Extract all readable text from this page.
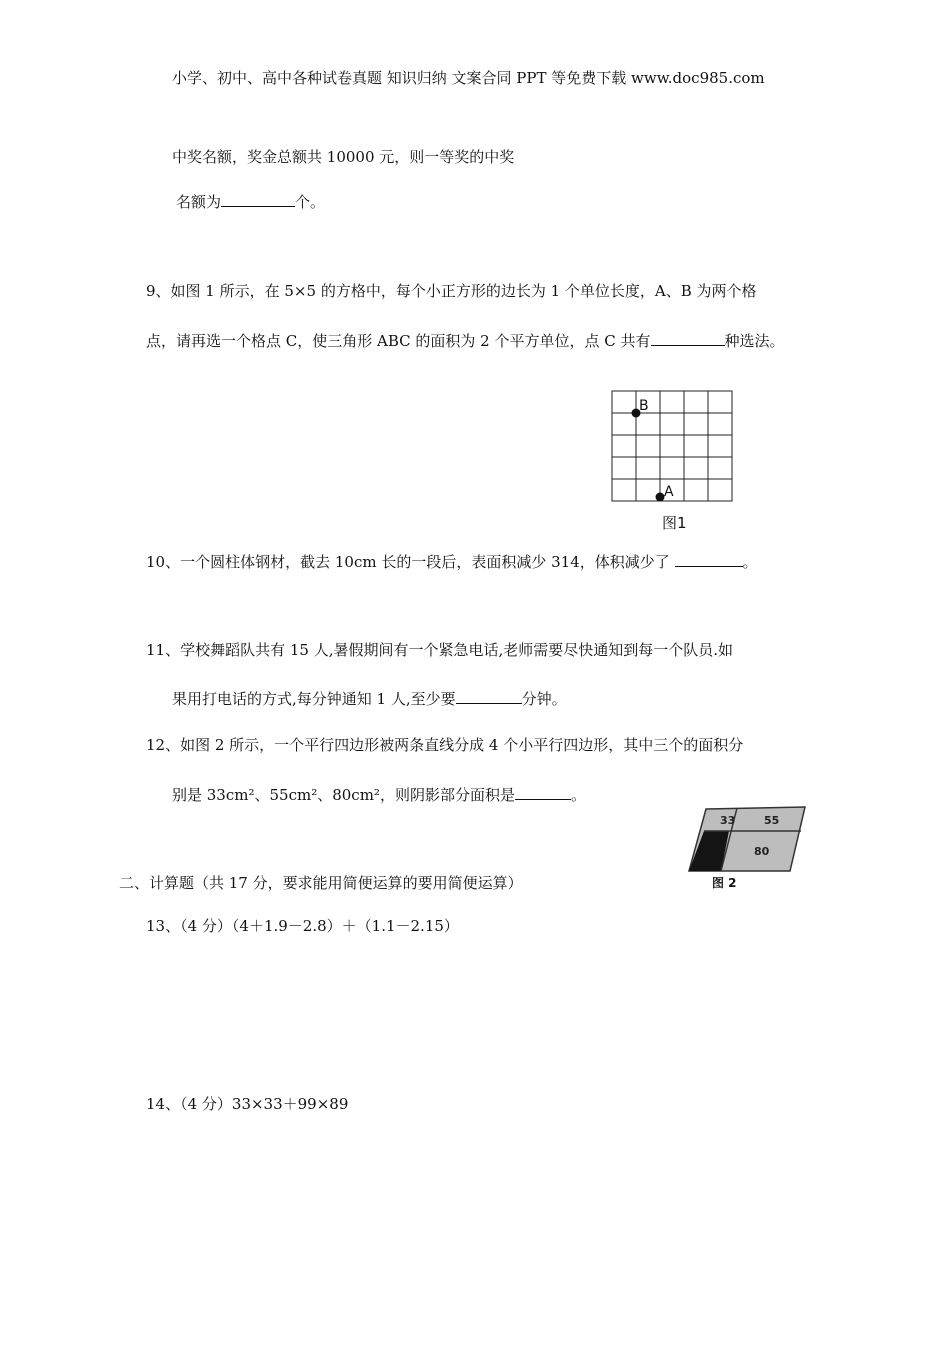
小学、初中、高中各种试卷真题 知识归纳 文案合同 PPT 等免费下载 www.doc985.com
中奖名额，奖金总额共 10000 元，则一等奖的中奖
名额为	个。
9、如图 1 所示，在 5×5 的方格中，每个小正方形的边长为 1 个单位长度，A、B 为两个格
点，请再选一个格点 C，使三角形 ABC 的面积为 2 个平方单位，点 C 共有	种选法。
B
A
图1
10、一个圆柱体钢材，截去 10cm 长的一段后，表面积减少 314，体积减少了	。
11、学校舞蹈队共有 15 人,暑假期间有一个紧急电话,老师需要尽快通知到每一个队员.如
果用打电话的方式,每分钟通知 1 人,至少要	分钟。
12、如图 2 所示，一个平行四边形被两条直线分成 4 个小平行四边形，其中三个的面积分
别是 33cm²、55cm²、80cm²，则阴影部分面积是	。
33	55
80
图 2
二、计算题（共 17 分，要求能用简便运算的要用简便运算）
13、（4 分）（4＋1.9－2.8）＋（1.1－2.15）
14、（4 分）33×33＋99×89
